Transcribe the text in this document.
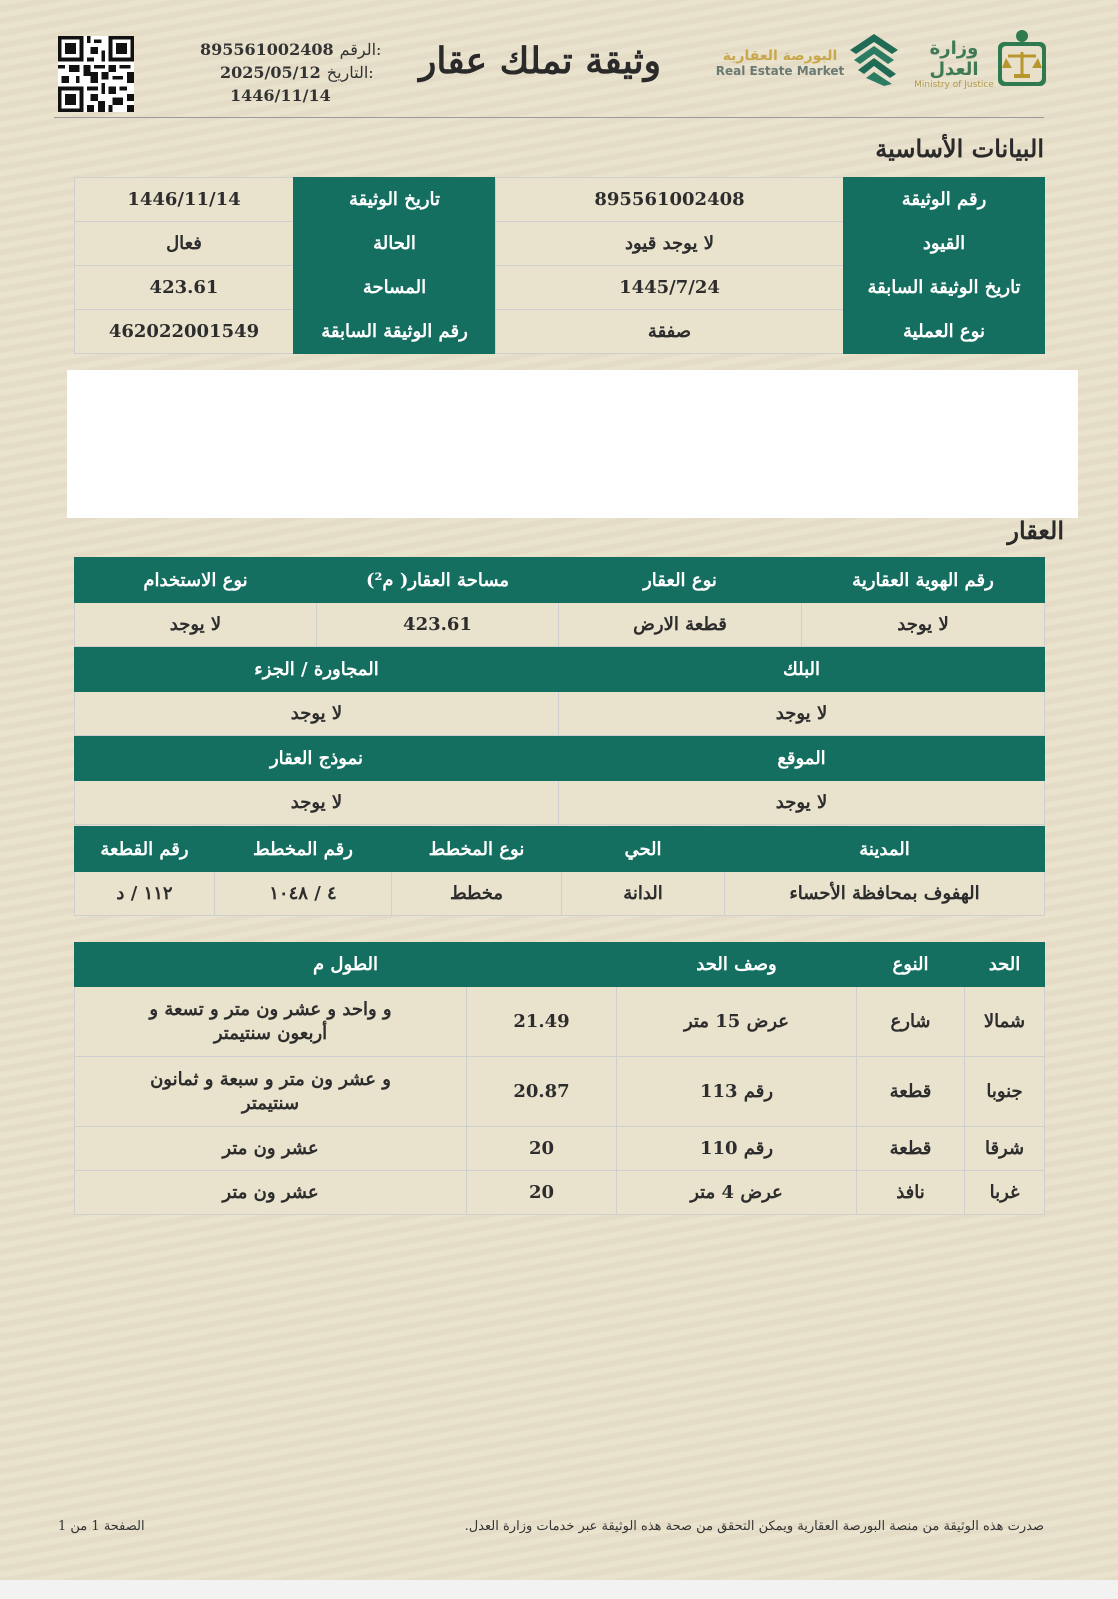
895561002408 الرقم:
2025/05/12 التاريخ:
1446/11/14
وثيقة تملك عقار	البورصة العقارية
Real Estate Market
وزارة العدل
Ministry of Justice
البيانات الأساسية
رقم الوثيقة	895561002408	تاريخ الوثيقة	1446/11/14
القيود	لا يوجد قيود	الحالة	فعال
تاريخ الوثيقة السابقة	1445/7/24	المساحة	423.61
نوع العملية	صفقة	رقم الوثيقة السابقة	462022001549
العقار
رقم الهوية العقارية	نوع العقار	مساحة العقار( م²)	نوع الاستخدام
لا يوجد	قطعة الارض	423.61	لا يوجد
البلك		المجاورة / الجزء	
لا يوجد		لا يوجد	
الموقع		نموذج العقار	
لا يوجد		لا يوجد	
المدينة	الحي	نوع المخطط	رقم المخطط	رقم القطعة
الهفوف بمحافظة الأحساء	الدانة	مخطط	٤ / ١٠٤٨	١١٢ / د
الحد	النوع	وصف الحد	الطول م	
شمالا	شارع	عرض 15 متر	21.49	و واحد و عشر ون متر و تسعة و أربعون سنتيمتر
جنوبا	قطعة	رقم 113	20.87	و عشر ون متر و سبعة و ثمانون سنتيمتر
شرقا	قطعة	رقم 110	20	عشر ون متر
غربا	نافذ	عرض 4 متر	20	عشر ون متر
الصفحة 1 من 1	صدرت هذه الوثيقة من منصة البورصة العقارية ويمكن التحقق من صحة هذه الوثيقة عبر خدمات وزارة العدل.
